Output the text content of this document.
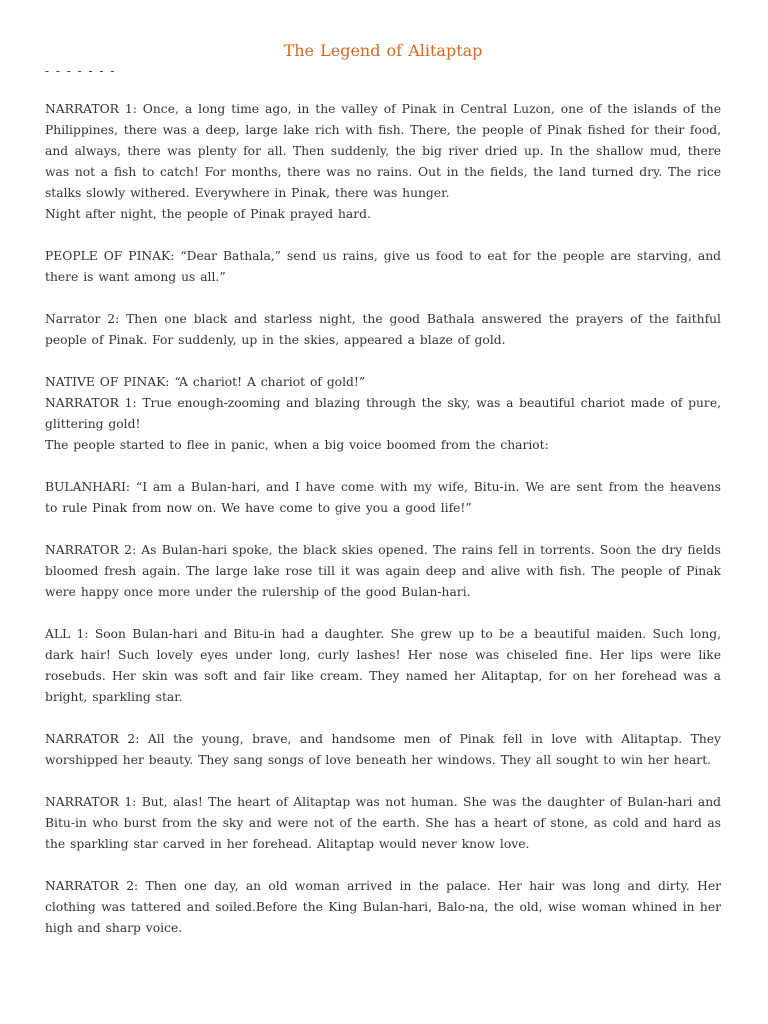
The Legend of Alitaptap
- - - - - - -
NARRATOR 1: Once, a long time ago, in the valley of Pinak in Central Luzon, one of the islands of the Philippines, there was a deep, large lake rich with fish. There, the people of Pinak fished for their food, and always, there was plenty for all. Then suddenly, the big river dried up. In the shallow mud, there was not a fish to catch! For months, there was no rains. Out in the fields, the land turned dry. The rice stalks slowly withered. Everywhere in Pinak, there was hunger.
Night after night, the people of Pinak prayed hard.
PEOPLE OF PINAK: “Dear Bathala,” send us rains, give us food to eat for the people are starving, and there is want among us all.”
Narrator 2: Then one black and starless night, the good Bathala answered the prayers of the faithful people of Pinak. For suddenly, up in the skies, appeared a blaze of gold.
NATIVE OF PINAK: “A chariot! A chariot of gold!”
NARRATOR 1: True enough-zooming and blazing through the sky, was a beautiful chariot made of pure, glittering gold!
The people started to flee in panic, when a big voice boomed from the chariot:
BULANHARI: “I am a Bulan-hari, and I have come with my wife, Bitu-in. We are sent from the heavens to rule Pinak from now on. We have come to give you a good life!”
NARRATOR 2: As Bulan-hari spoke, the black skies opened. The rains fell in torrents. Soon the dry fields bloomed fresh again. The large lake rose till it was again deep and alive with fish. The people of Pinak were happy once more under the rulership of the good Bulan-hari.
ALL 1: Soon Bulan-hari and Bitu-in had a daughter. She grew up to be a beautiful maiden. Such long, dark hair! Such lovely eyes under long, curly lashes! Her nose was chiseled fine. Her lips were like rosebuds. Her skin was soft and fair like cream. They named her Alitaptap, for on her forehead was a bright, sparkling star.
NARRATOR 2: All the young, brave, and handsome men of Pinak fell in love with Alitaptap. They worshipped her beauty. They sang songs of love beneath her windows. They all sought to win her heart.
NARRATOR 1: But, alas! The heart of Alitaptap was not human. She was the daughter of Bulan-hari and Bitu-in who burst from the sky and were not of the earth. She has a heart of stone, as cold and hard as the sparkling star carved in her forehead. Alitaptap would never know love.
NARRATOR 2: Then one day, an old woman arrived in the palace. Her hair was long and dirty. Her clothing was tattered and soiled.Before the King Bulan-hari, Balo-na, the old, wise woman whined in her high and sharp voice.
